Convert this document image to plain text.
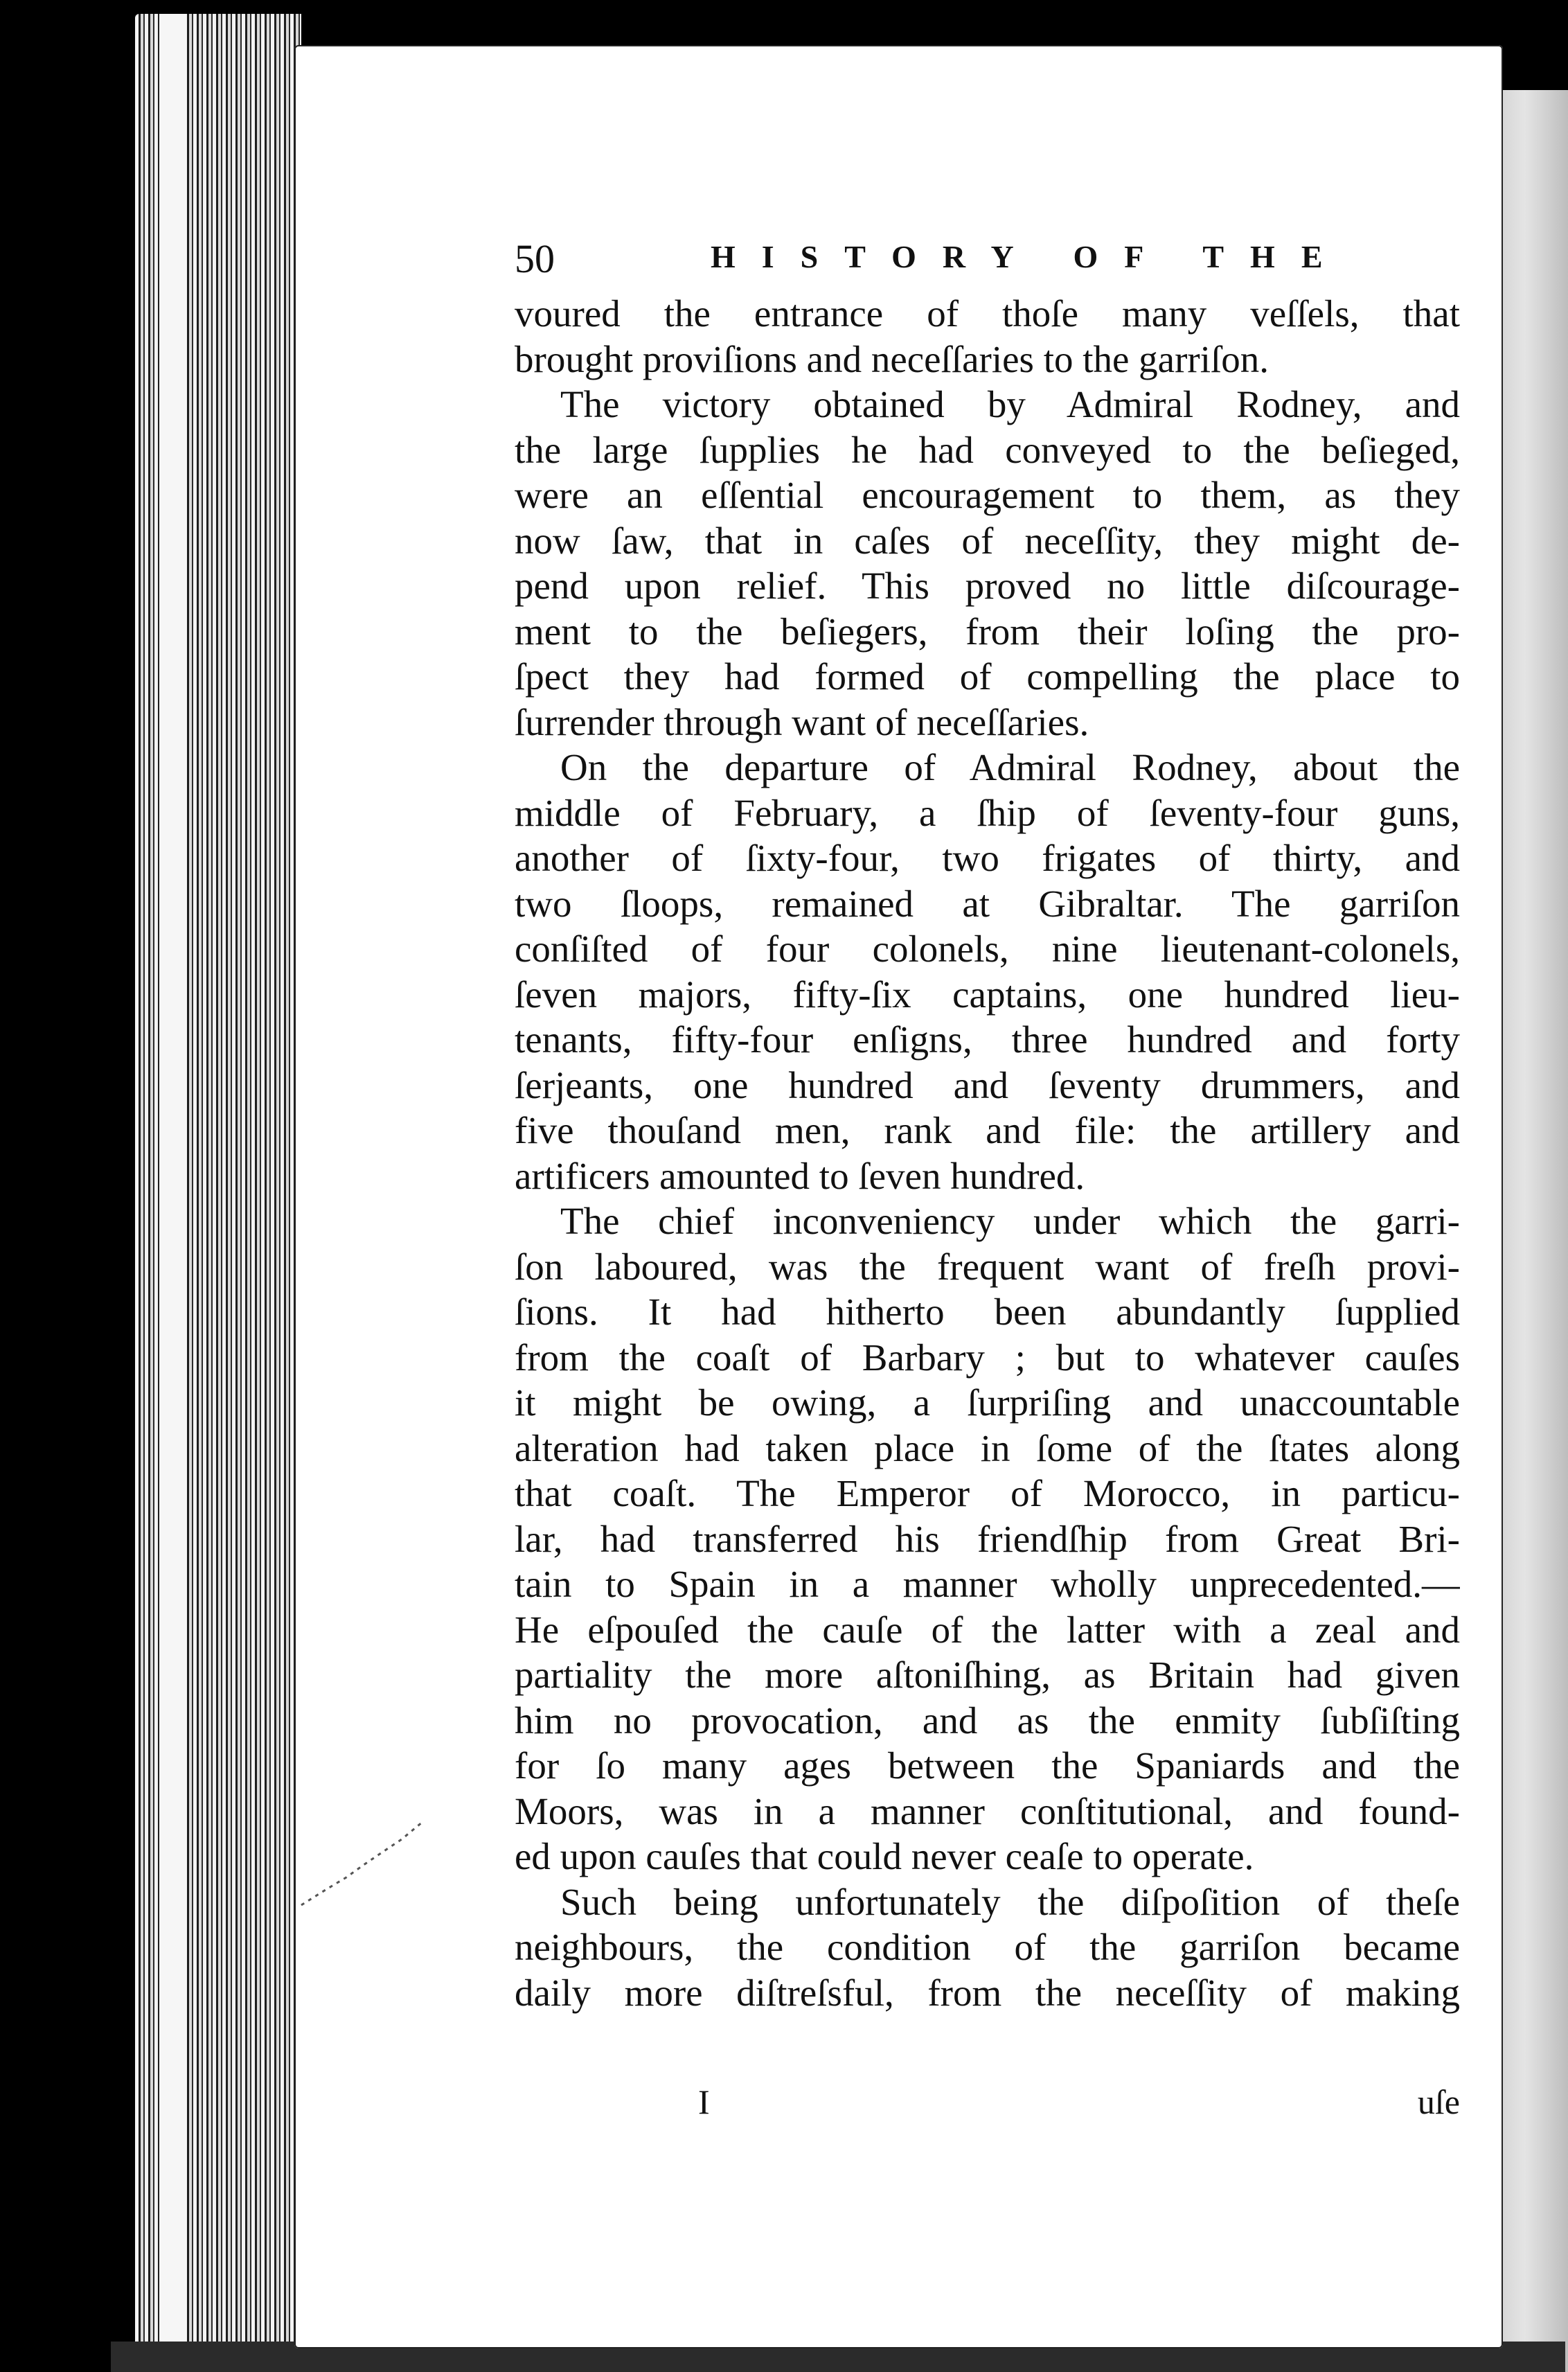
50	HISTORY OF THE
voured the entrance of thoſe many veſſels, that
brought proviſions and neceſſaries to the garriſon.
The victory obtained by Admiral Rodney, and
the large ſupplies he had conveyed to the beſieged,
were an eſſential encouragement to them, as they
now ſaw, that in caſes of neceſſity, they might de-
pend upon relief. This proved no little diſcourage-
ment to the beſiegers, from their loſing the pro-
ſpect they had formed of compelling the place to
ſurrender through want of neceſſaries.
On the departure of Admiral Rodney, about the
middle of February, a ſhip of ſeventy-four guns,
another of ſixty-four, two frigates of thirty, and
two ſloops, remained at Gibraltar. The garriſon
conſiſted of four colonels, nine lieutenant-colonels,
ſeven majors, fifty-ſix captains, one hundred lieu-
tenants, fifty-four enſigns, three hundred and forty
ſerjeants, one hundred and ſeventy drummers, and
five thouſand men, rank and file: the artillery and
artificers amounted to ſeven hundred.
The chief inconveniency under which the garri-
ſon laboured, was the frequent want of freſh provi-
ſions. It had hitherto been abundantly ſupplied
from the coaſt of Barbary ; but to whatever cauſes
it might be owing, a ſurpriſing and unaccountable
alteration had taken place in ſome of the ſtates along
that coaſt. The Emperor of Morocco, in particu-
lar, had transferred his friendſhip from Great Bri-
tain to Spain in a manner wholly unprecedented.—
He eſpouſed the cauſe of the latter with a zeal and
partiality the more aſtoniſhing, as Britain had given
him no provocation, and as the enmity ſubſiſting
for ſo many ages between the Spaniards and the
Moors, was in a manner conſtitutional, and found-
ed upon cauſes that could never ceaſe to operate.
Such being unfortunately the diſpoſition of theſe
neighbours, the condition of the garriſon became
daily more diſtreſsful, from the neceſſity of making
I	uſe
